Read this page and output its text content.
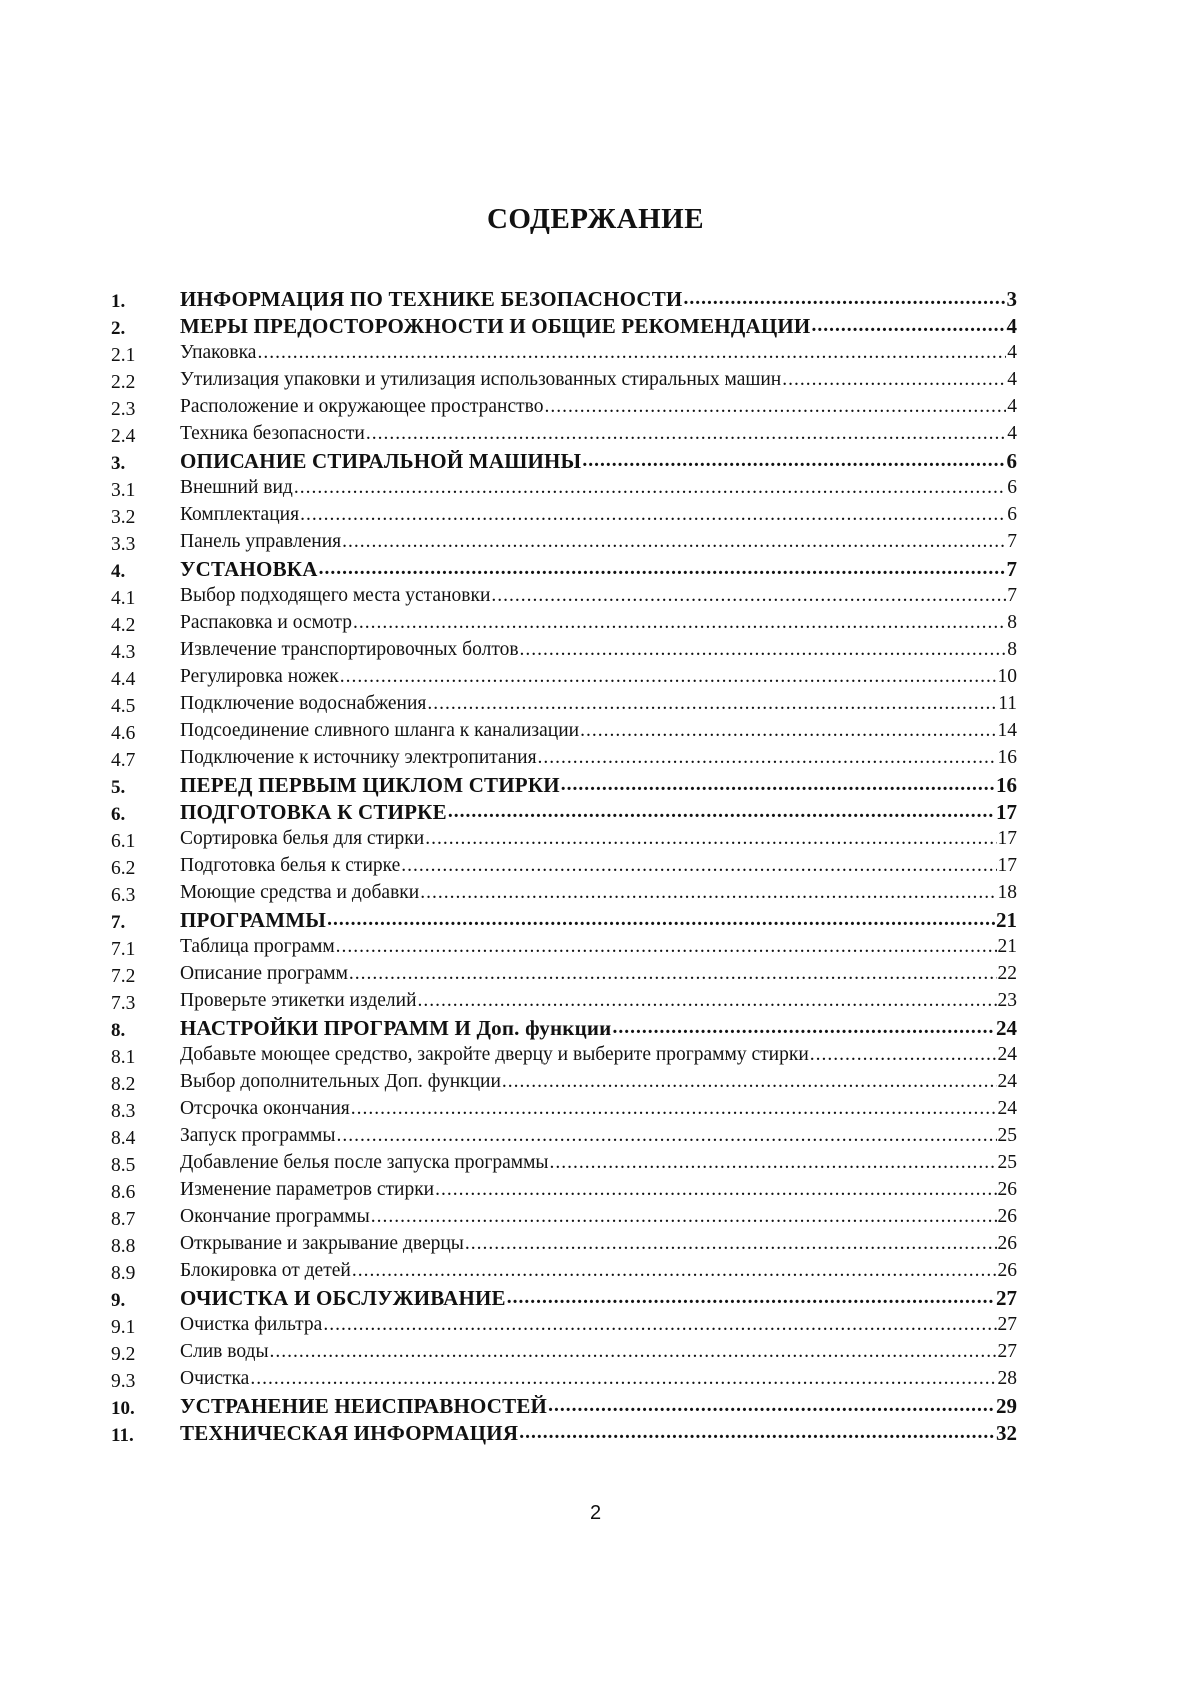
СОДЕРЖАНИЕ
1.	ИНФОРМАЦИЯ ПО ТЕХНИКЕ БЕЗОПАСНОСТИ .....	3
2.	МЕРЫ ПРЕДОСТОРОЖНОСТИ И ОБЩИЕ РЕКОМЕНДАЦИИ .....	4
2.1	Упаковка .....	4
2.2	Утилизация упаковки и утилизация использованных стиральных машин .....	4
2.3	Расположение и окружающее пространство .....	4
2.4	Техника безопасности .....	4
3.	ОПИСАНИЕ СТИРАЛЬНОЙ МАШИНЫ .....	6
3.1	Внешний вид .....	6
3.2	Комплектация .....	6
3.3	Панель управления .....	7
4.	УСТАНОВКА .....	7
4.1	Выбор подходящего места установки .....	7
4.2	Распаковка и осмотр .....	8
4.3	Извлечение транспортировочных болтов .....	8
4.4	Регулировка ножек .....	10
4.5	Подключение водоснабжения .....	11
4.6	Подсоединение сливного шланга к канализации .....	14
4.7	Подключение к источнику электропитания .....	16
5.	ПЕРЕД ПЕРВЫМ ЦИКЛОМ СТИРКИ .....	16
6.	ПОДГОТОВКА К СТИРКЕ .....	17
6.1	Сортировка белья для стирки .....	17
6.2	Подготовка белья к стирке .....	17
6.3	Моющие средства и добавки .....	18
7.	ПРОГРАММЫ .....	21
7.1	Таблица программ .....	21
7.2	Описание программ .....	22
7.3	Проверьте этикетки изделий .....	23
8.	НАСТРОЙКИ ПРОГРАММ И Доп. функции .....	24
8.1	Добавьте моющее средство, закройте дверцу и выберите программу стирки .....	24
8.2	Выбор дополнительных Доп. функции .....	24
8.3	Отсрочка окончания .....	24
8.4	Запуск программы .....	25
8.5	Добавление белья после запуска программы .....	25
8.6	Изменение параметров стирки .....	26
8.7	Окончание программы .....	26
8.8	Открывание и закрывание дверцы .....	26
8.9	Блокировка от детей .....	26
9.	ОЧИСТКА И ОБСЛУЖИВАНИЕ .....	27
9.1	Очистка фильтра .....	27
9.2	Слив воды .....	27
9.3	Очистка .....	28
10.	УСТРАНЕНИЕ НЕИСПРАВНОСТЕЙ .....	29
11.	ТЕХНИЧЕСКАЯ ИНФОРМАЦИЯ .....	32
2
